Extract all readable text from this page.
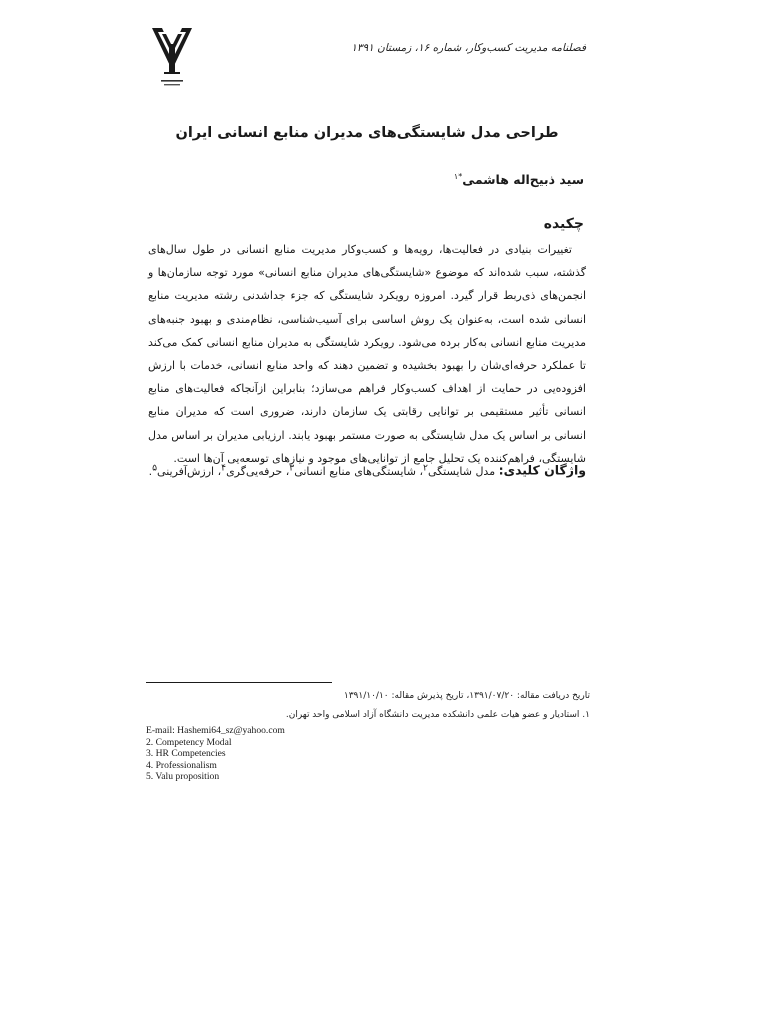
فصلنامه مدیریت کسب‌وکار، شماره ۱۶، زمستان ۱۳۹۱
طراحی مدل شایستگی‌های مدیران منابع انسانی ایران
سید ذبیح‌اله هاشمی$^{*۱}$
چکیده
تغییرات بنیادی در فعالیت‌ها، رویه‌ها و کسب‌وکار مدیریت منابع انسانی در طول سال‌های گذشته، سبب شده‌اند که موضوع «شایستگی‌های مدیران منابع انسانی» مورد توجه سازمان‌ها و انجمن‌های ذی‌ربط قرار گیرد. امروزه رویکرد شایستگی که جزء جداشدنی رشته مدیریت منابع انسانی شده است، به‌عنوان یک روش اساسی برای آسیب‌شناسی، نظام‌مندی و بهبود جنبه‌های مدیریت منابع انسانی به‌کار برده می‌شود. رویکرد شایستگی به مدیران منابع انسانی کمک می‌کند تا عملکرد حرفه‌ای‌شان را بهبود بخشیده و تضمین دهند که واحد منابع انسانی، خدمات با ارزش افزوده‌یی در حمایت از اهداف کسب‌وکار فراهم می‌سازد؛ بنابراین ازآنجاکه فعالیت‌های منابع انسانی تأثیر مستقیمی بر توانایی رقابتی یک سازمان دارند، ضروری است که مدیران منابع انسانی بر اساس یک مدل شایستگی به صورت مستمر بهبود یابند. ارزیابی مدیران بر اساس مدل شایستگی، فراهم‌کننده یک تحلیل جامع از توانایی‌های موجود و نیازهای توسعه‌یی آن‌ها است.
واژگان کلیدی: مدل شایستگی$^۲$، شایستگی‌های منابع انسانی$^۳$، حرفه‌یی‌گری$^۴$، ارزش‌آفرینی$^۵$.
تاریخ دریافت مقاله: ۱۳۹۱/۰۷/۲۰، تاریخ پذیرش مقاله: ۱۳۹۱/۱۰/۱۰
۱. استادیار و عضو هیات علمی دانشکده مدیریت دانشگاه آزاد اسلامی واحد تهران.
E-mail: Hashemi64_sz@yahoo.com
2. Competency Modal
3. HR Competencies
4. Professionalism
5. Valu proposition
